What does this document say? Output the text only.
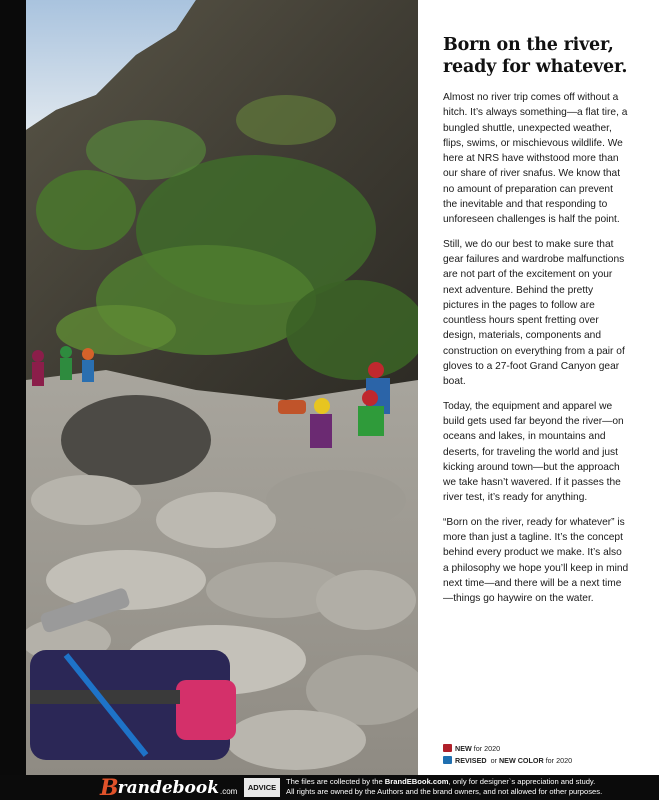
Born on the river, ready for whatever.

Almost no river trip comes off without a hitch. It’s always something—a flat tire, a bungled shuttle, unexpected weather, flips, swims, or mischievous wildlife. We here at NRS have withstood more than our share of river snafus. We know that no amount of preparation can prevent the inevitable and that responding to unforeseen challenges is half the point.

Still, we do our best to make sure that gear failures and wardrobe malfunctions are not part of the excitement on your next adventure. Behind the pretty pictures in the pages to follow are countless hours spent fretting over design, materials, components and construction on everything from a pair of gloves to a 27-foot Grand Canyon gear boat.

Today, the equipment and apparel we build gets used far beyond the river—on oceans and lakes, in mountains and deserts, for traveling the world and just kicking around town—but the approach we take hasn’t wavered. If it passes the river test, it’s ready for anything.

“Born on the river, ready for whatever” is more than just a tagline. It’s the concept behind every product we make. It’s also a philosophy we hope you’ll keep in mind next time—and there will be a next time—things go haywire on the water.

NEW for 2020
REVISED or NEW COLOR for 2020
B randebook .com	ADVICE
The files are collected by the BrandEBook.com, only for designer`s appreciation and study.
All rights are owned by the Authors and the brand owners, and not allowed for other purposes.
